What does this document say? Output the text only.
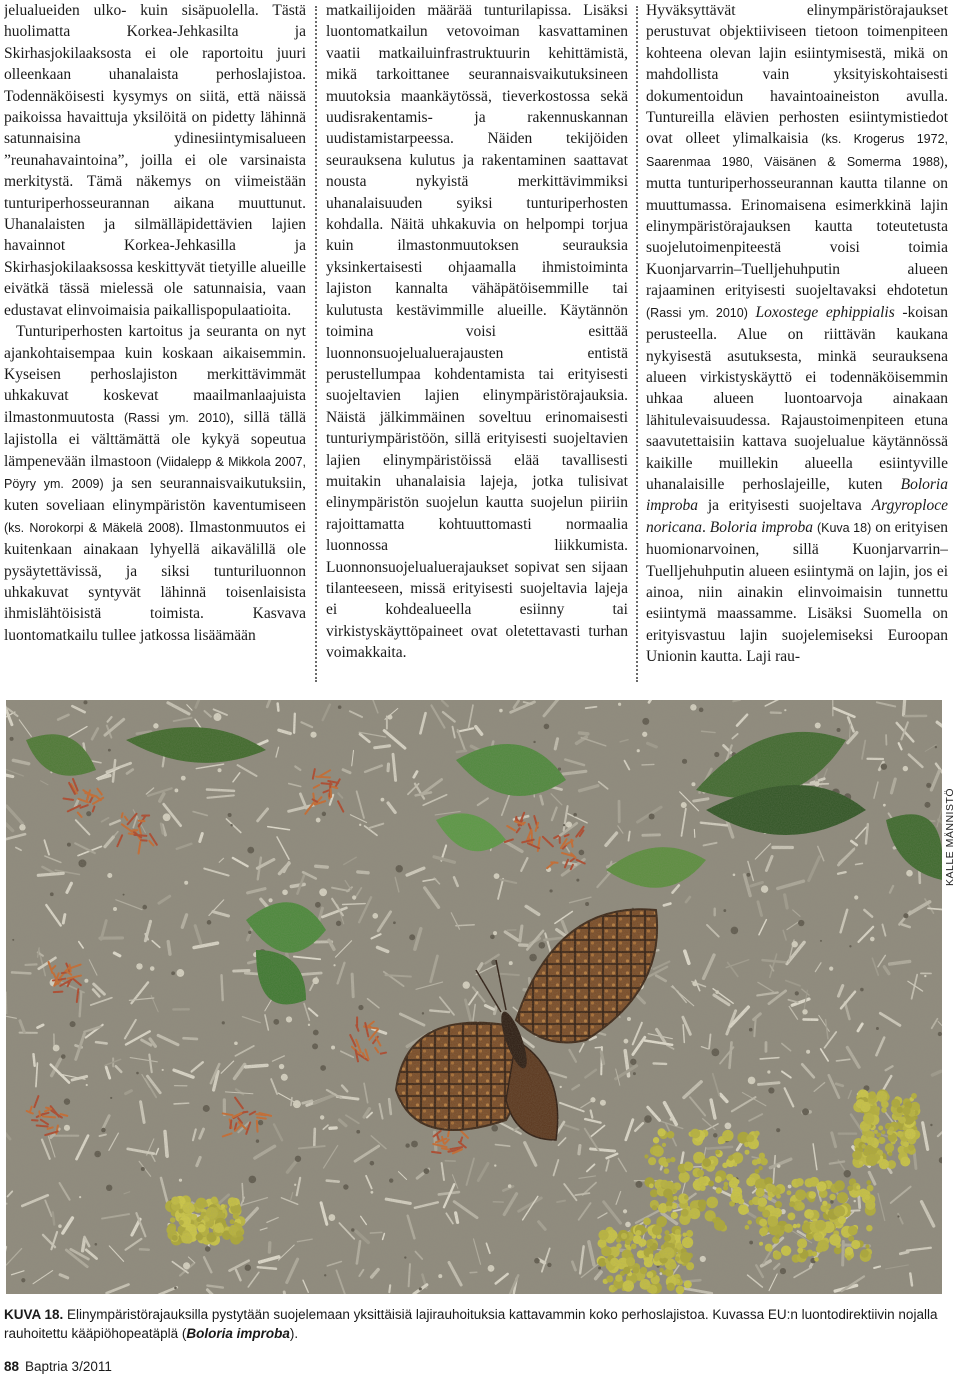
jelualueiden ulko- kuin sisäpuolella. Tästä huolimatta Korkea-Jehkasilta ja Skirhasjokilaaksosta ei ole raportoitu juuri olleenkaan uhanalaista perhoslajistoa. Todennäköisesti kysymys on siitä, että näissä paikoissa havaittuja yksilöitä on pidetty lähinnä satunnaisina ydinesiintymisalueen ”reunahavaintoina”, joilla ei ole varsinaista merkitystä. Tämä näkemys on viimeistään tunturiperhosseurannan aikana muuttunut. Uhanalaisten ja silmälläpidettävien lajien havainnot Korkea-Jehkasilla ja Skirhasjokilaaksossa keskittyvät tietyille alueille eivätkä tässä mielessä ole satunnaisia, vaan edustavat elinvoimaisia paikallispopulaatioita.

Tunturiperhosten kartoitus ja seuranta on nyt ajankohtaisempaa kuin koskaan aikaisemmin. Kyseisen perhoslajiston merkittävimmät uhkakuvat koskevat maailmanlaajuista ilmastonmuutosta (Rassi ym. 2010), sillä tällä lajistolla ei välttämättä ole kykyä sopeutua lämpenevään ilmastoon (Viidalepp & Mikkola 2007, Pöyry ym. 2009) ja sen seurannaisvaikutuksiin, kuten soveliaan elinympäristön kaventumiseen (ks. Norokorpi & Mäkelä 2008). Ilmastonmuutos ei kuitenkaan ainakaan lyhyellä aikavälillä ole pysäytettävissä, ja siksi tunturiluonnon uhkakuvat syntyvät lähinnä toisenlaisista ihmislähtöisistä toimista. Kasvava luontomatkailu tullee jatkossa lisäämään

matkailijoiden määrää tunturilapissa. Lisäksi luontomatkailun vetovoiman kasvattaminen vaatii matkailuinfrastruktuurin kehittämistä, mikä tarkoittanee seurannaisvaikutuksineen muutoksia maankäytössä, tieverkostossa sekä uudisrakentamis- ja rakennuskannan uudistamistarpeessa. Näiden tekijöiden seurauksena kulutus ja rakentaminen saattavat nousta nykyistä merkittävimmiksi uhanalaisuuden syiksi tunturiperhosten kohdalla. Näitä uhkakuvia on helpompi torjua kuin ilmastonmuutoksen seurauksia yksinkertaisesti ohjaamalla ihmistoiminta lajiston kannalta vähäpätöisemmille tai kulutusta kestävimmille alueille. Käytännön toimina voisi esittää luonnonsuojelualuerajausten entistä perustellumpaa kohdentamista tai erityisesti suojeltavien lajien elinympäristörajauksia. Näistä jälkimmäinen soveltuu erinomaisesti tunturiympäristöön, sillä erityisesti suojeltavien lajien elinympäristöissä elää tavallisesti muitakin uhanalaisia lajeja, jotka tulisivat elinympäristön suojelun kautta suojelun piiriin rajoittamatta kohtuuttomasti normaalia luonnossa liikkumista. Luonnonsuojelualuerajaukset sopivat sen sijaan tilanteeseen, missä erityisesti suojeltavia lajeja ei kohdealueella esiinny tai virkistyskäyttöpaineet ovat oletettavasti turhan voimakkaita.

Hyväksyttävät elinympäristörajaukset perustuvat objektiiviseen tietoon toimenpiteen kohteena olevan lajin esiintymisestä, mikä on mahdollista vain yksityiskohtaisesti dokumentoidun havaintoaineiston avulla. Tuntureilla elävien perhosten esiintymistiedot ovat olleet ylimalkaisia (ks. Krogerus 1972, Saarenmaa 1980, Väisänen & Somerma 1988), mutta tunturiperhosseurannan kautta tilanne on muuttumassa. Erinomaisena esimerkkinä lajin elinympäristörajauksen kautta toteutetusta suojelutoimenpiteestä voisi toimia Kuonjarvarrin–Tuelljehuhputin alueen rajaaminen erityisesti suojeltavaksi ehdotetun (Rassi ym. 2010) Loxostege ephippialis -koisan perusteella. Alue on riittävän kaukana nykyisestä asutuksesta, minkä seurauksena alueen virkistyskäyttö ei todennäköisemmin uhkaa alueen luontoarvoja ainakaan lähitulevaisuudessa. Rajaustoimenpiteen etuna saavutettaisiin kattava suojelualue käytännössä kaikille muillekin alueella esiintyville uhanalaisille perhoslajeille, kuten Boloria improba ja erityisesti suojeltava Argyroploce noricana. Boloria improba (Kuva 18) on erityisen huomionarvoinen, sillä Kuonjarvarrin–Tuelljehuhputin alueen esiintymä on lajin, jos ei ainoa, niin ainakin elinvoimaisin tunnettu esiintymä maassamme. Lisäksi Suomella on erityisvastuu lajin suojelemiseksi Euroopan Unionin kautta. Laji rau-

KALLE MÄNNISTÖ
KUVA 18. Elinympäristörajauksilla pystytään suojelemaan yksittäisiä lajirauhoituksia kattavammin koko perhoslajistoa. Kuvassa EU:n luontodirektiivin nojalla rauhoitettu kääpiöhopeatäplä (Boloria improba).
88 Baptria 3/2011
